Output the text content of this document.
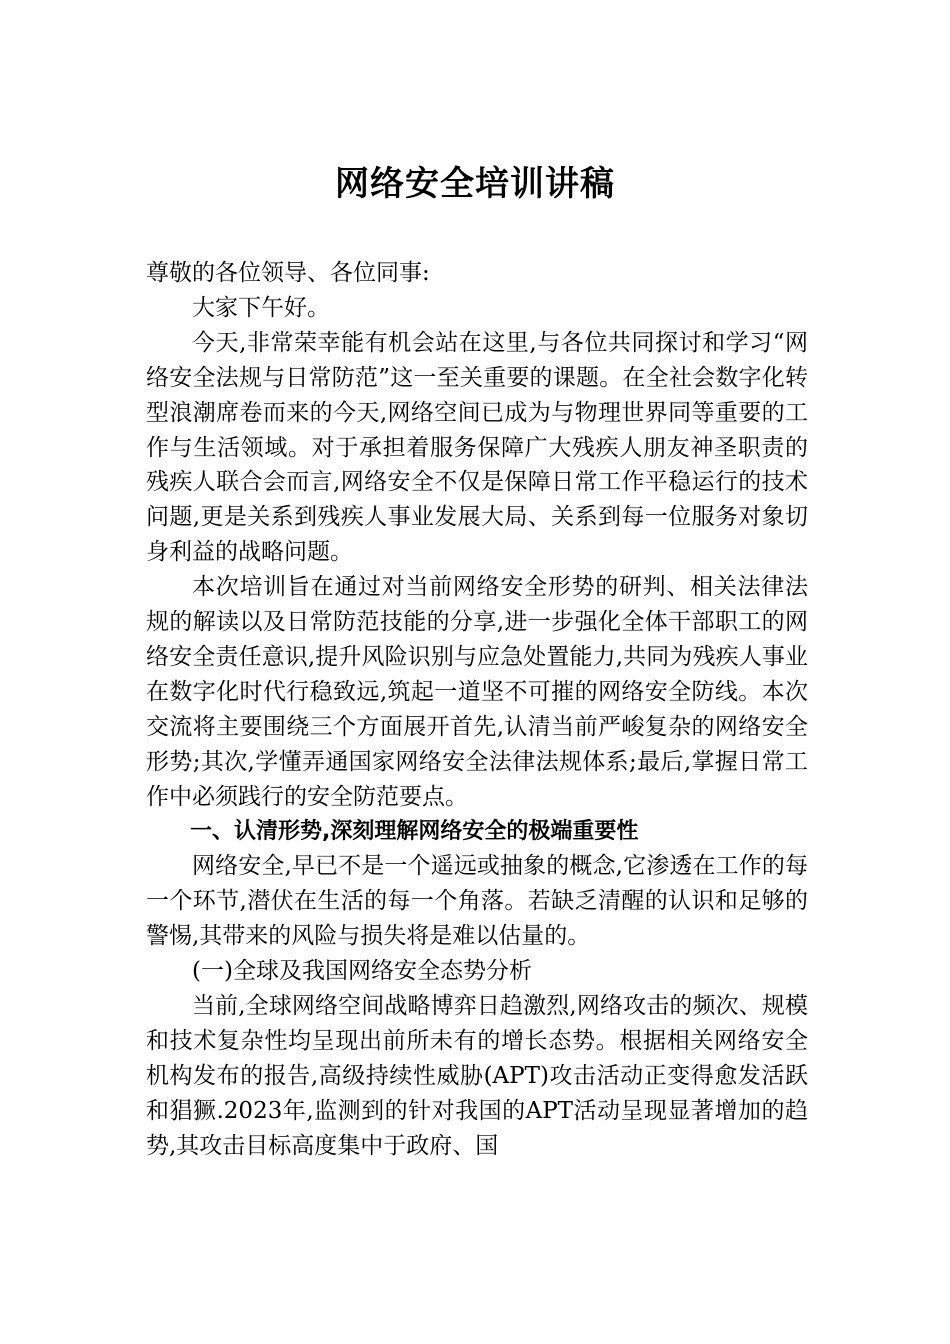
网络安全培训讲稿

尊敬的各位领导、各位同事:

大家下午好。

今天,非常荣幸能有机会站在这里,与各位共同探讨和学习“网络安全法规与日常防范”这一至关重要的课题。在全社会数字化转型浪潮席卷而来的今天,网络空间已成为与物理世界同等重要的工作与生活领域。对于承担着服务保障广大残疾人朋友神圣职责的残疾人联合会而言,网络安全不仅是保障日常工作平稳运行的技术问题,更是关系到残疾人事业发展大局、关系到每一位服务对象切身利益的战略问题。

本次培训旨在通过对当前网络安全形势的研判、相关法律法规的解读以及日常防范技能的分享,进一步强化全体干部职工的网络安全责任意识,提升风险识别与应急处置能力,共同为残疾人事业在数字化时代行稳致远,筑起一道坚不可摧的网络安全防线。本次交流将主要围绕三个方面展开首先,认清当前严峻复杂的网络安全形势;其次,学懂弄通国家网络安全法律法规体系;最后,掌握日常工作中必须践行的安全防范要点。

一、认清形势,深刻理解网络安全的极端重要性

网络安全,早已不是一个遥远或抽象的概念,它渗透在工作的每一个环节,潜伏在生活的每一个角落。若缺乏清醒的认识和足够的警惕,其带来的风险与损失将是难以估量的。

(一)全球及我国网络安全态势分析

当前,全球网络空间战略博弈日趋激烈,网络攻击的频次、规模和技术复杂性均呈现出前所未有的增长态势。根据相关网络安全机构发布的报告,高级持续性威胁(APT)攻击活动正变得愈发活跃和猖獗.2023年,监测到的针对我国的APT活动呈现显著增加的趋势,其攻击目标高度集中于政府、国
